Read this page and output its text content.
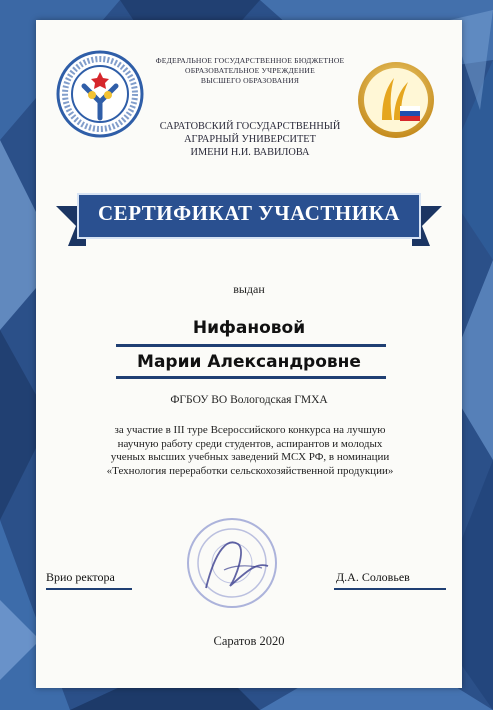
ФЕДЕРАЛЬНОЕ ГОСУДАРСТВЕННОЕ БЮДЖЕТНОЕ
ОБРАЗОВАТЕЛЬНОЕ УЧРЕЖДЕНИЕ
ВЫСШЕГО ОБРАЗОВАНИЯ
САРАТОВСКИЙ ГОСУДАРСТВЕННЫЙ
АГРАРНЫЙ УНИВЕРСИТЕТ
ИМЕНИ Н.И. ВАВИЛОВА
СЕРТИФИКАТ УЧАСТНИКА
выдан
Нифановой
Марии Александровне
ФГБОУ ВО Вологодская ГМХА
за участие в III туре Всероссийского конкурса на лучшую
научную работу среди студентов, аспирантов и молодых
ученых высших учебных заведений МСХ РФ, в номинации
«Технология переработки сельскохозяйственной продукции»
Врио ректора	Д.А. Соловьев
Саратов 2020
